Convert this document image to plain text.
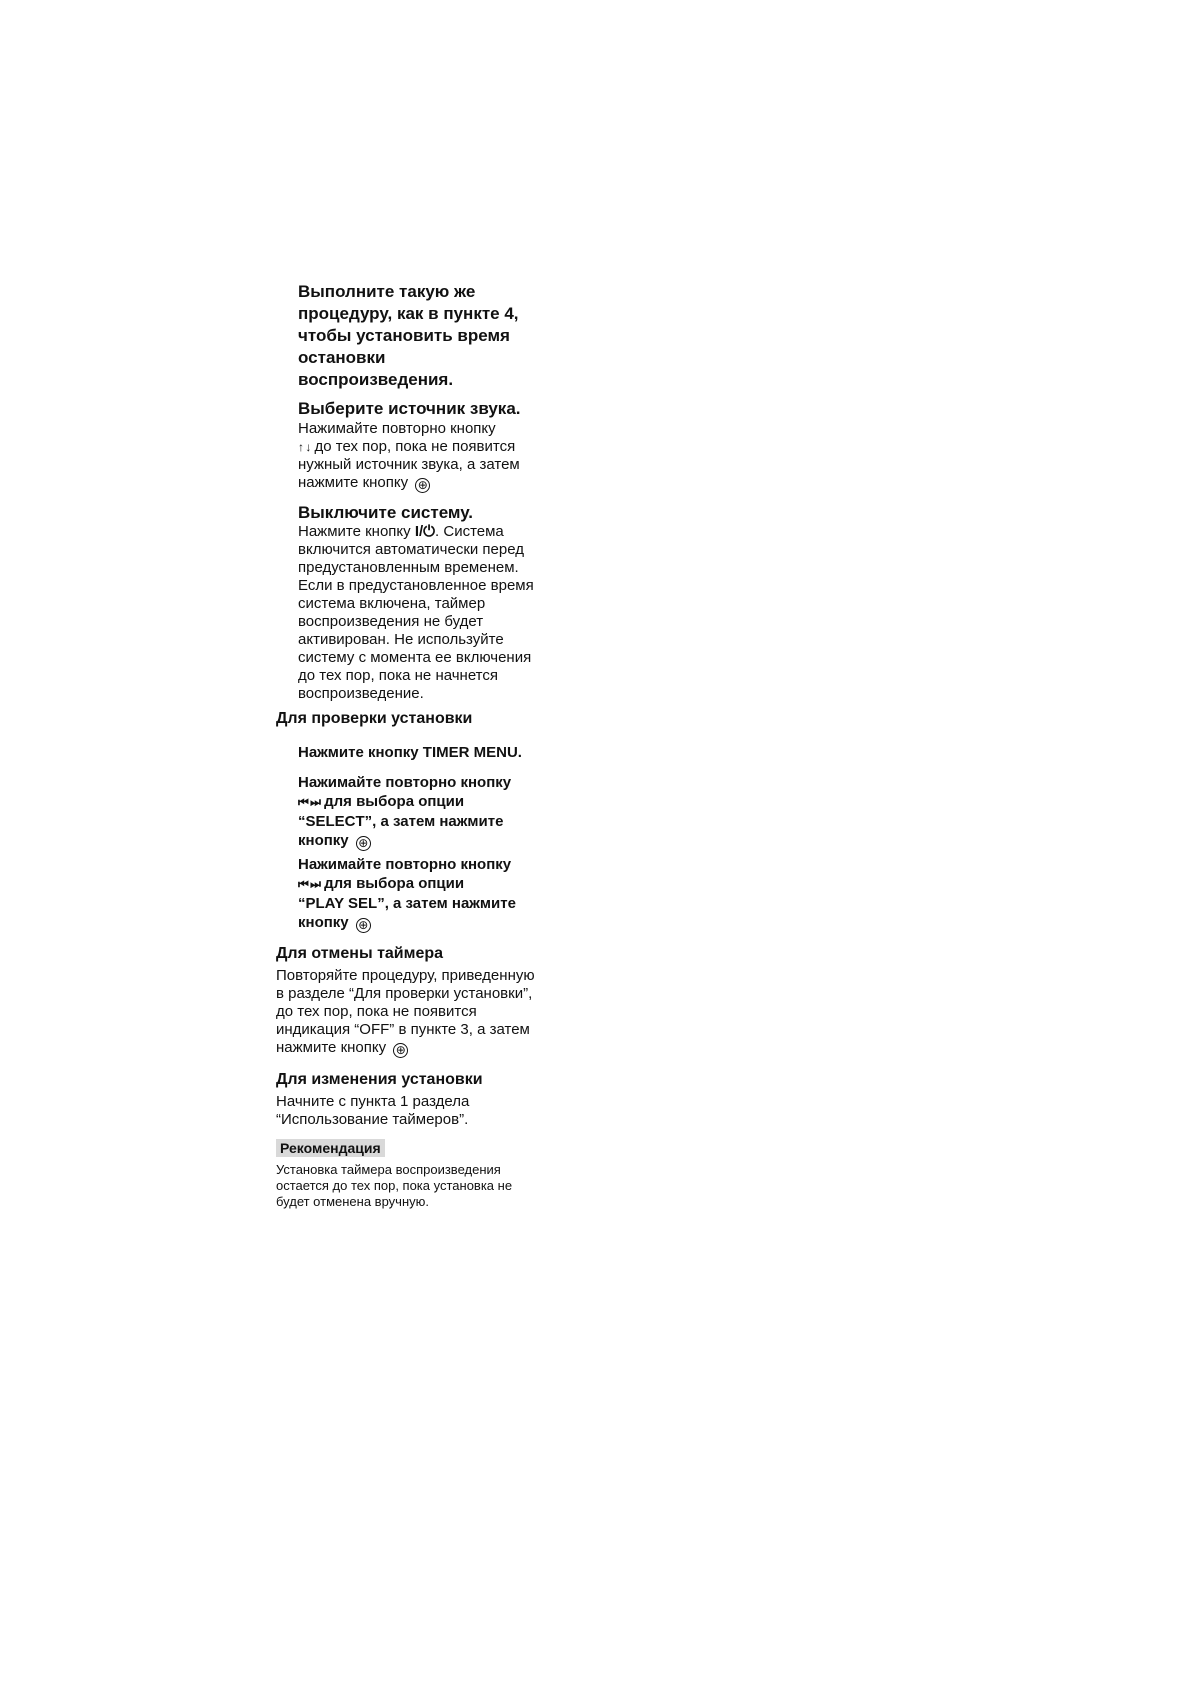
Выполните такую же процедуру, как в пункте 4, чтобы установить время остановки воспроизведения.

Выберите источник звука.

Нажимайте повторно кнопку
↑ ↓ до тех пор, пока не появится
нужный источник звука, а затем
нажмите кнопку ⊕

Выключите систему.

Нажмите кнопку I/⏻. Система включится автоматически перед предустановленным временем. Если в предустановленное время система включена, таймер воспроизведения не будет активирован. Не используйте систему с момента ее включения до тех пор, пока не начнется воспроизведение.

Для проверки установки

Нажмите кнопку TIMER MENU.

Нажимайте повторно кнопку
⏮ ⏭ для выбора опции
“SELECT”, а затем нажмите
кнопку ⊕
Нажимайте повторно кнопку
⏮ ⏭ для выбора опции
“PLAY SEL”, а затем нажмите
кнопку ⊕

Для отмены таймера

Повторяйте процедуру, приведенную в разделе “Для проверки установки”, до тех пор, пока не появится индикация “OFF” в пункте 3, а затем нажмите кнопку ⊕

Для изменения установки

Начните с пункта 1 раздела “Использование таймеров”.

Рекомендация

Установка таймера воспроизведения остается до тех пор, пока установка не будет отменена вручную.
